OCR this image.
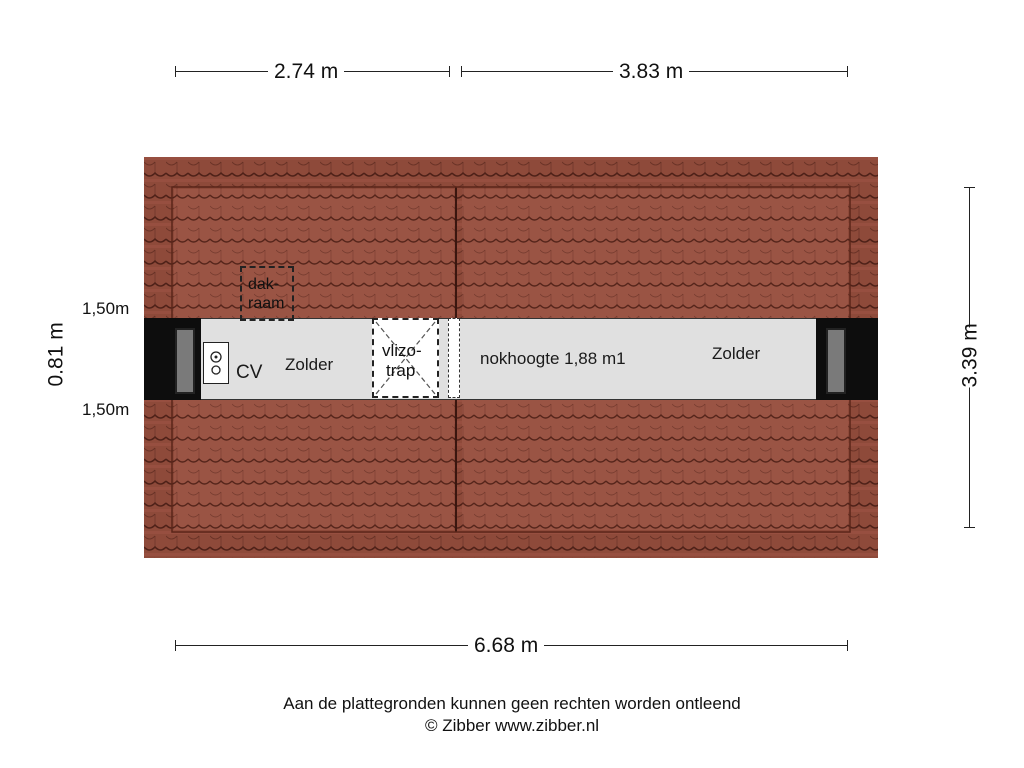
2.74 m	3.83 m
CV Zolder
vlizo-
trap
nokhoogte 1,88 m1	Zolder
dak-
raam
1,50m
1,50m
0.81 m	3.39 m
6.68 m
Aan de plattegronden kunnen geen rechten worden ontleend
© Zibber www.zibber.nl
